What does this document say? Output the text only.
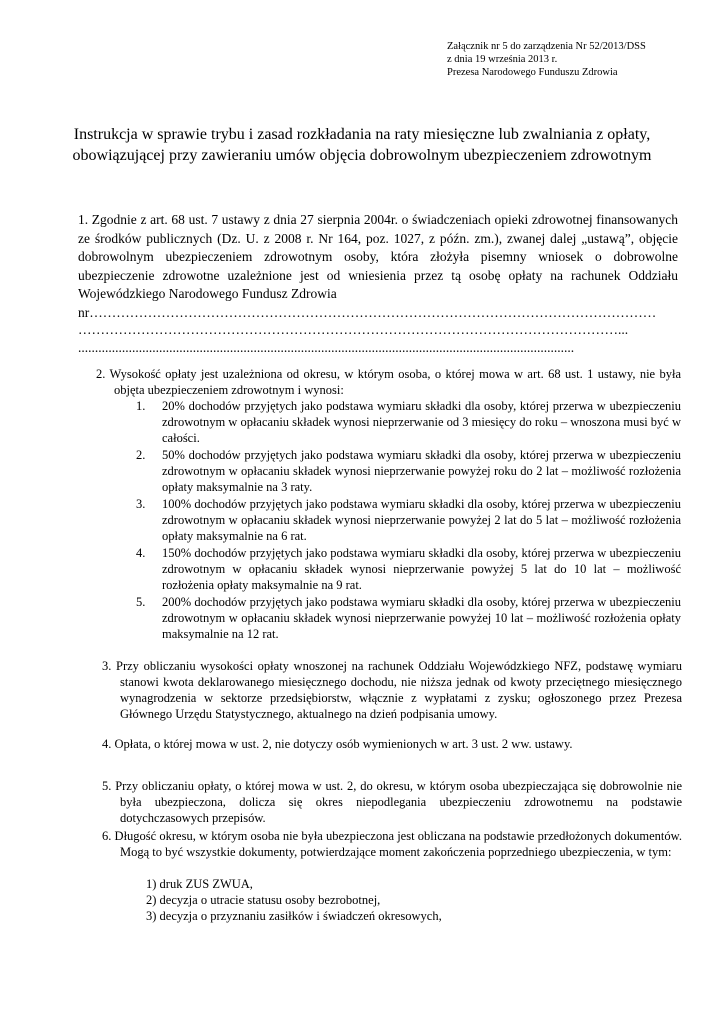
Załącznik nr 5 do zarządzenia Nr 52/2013/DSS
z dnia 19 września 2013 r.
Prezesa Narodowego Funduszu Zdrowia
Instrukcja w sprawie trybu i zasad rozkładania na raty miesięczne lub zwalniania z opłaty, obowiązującej przy zawieraniu umów objęcia dobrowolnym ubezpieczeniem zdrowotnym
1. Zgodnie z art. 68 ust. 7 ustawy z dnia 27 sierpnia 2004r. o świadczeniach opieki zdrowotnej finansowanych ze środków publicznych (Dz. U. z 2008 r. Nr 164, poz. 1027, z późn. zm.), zwanej dalej „ustawą”, objęcie dobrowolnym ubezpieczeniem zdrowotnym osoby, która złożyła pisemny wniosek o dobrowolne ubezpieczenie zdrowotne uzależnione jest od wniesienia przez tą osobę opłaty na rachunek Oddziału Wojewódzkiego Narodowego Fundusz Zdrowia
nr………………………………………………………………………………………………………………
…………………………………………………………………………………………………………...
...................................................................................................................................................
2. Wysokość opłaty jest uzależniona od okresu, w którym osoba, o której mowa w art. 68 ust. 1 ustawy, nie była objęta ubezpieczeniem zdrowotnym i wynosi:
1. 20% dochodów przyjętych jako podstawa wymiaru składki dla osoby, której przerwa w ubezpieczeniu zdrowotnym w opłacaniu składek wynosi nieprzerwanie od 3 miesięcy do roku – wnoszona musi być w całości.
2. 50% dochodów przyjętych jako podstawa wymiaru składki dla osoby, której przerwa w ubezpieczeniu zdrowotnym w opłacaniu składek wynosi nieprzerwanie powyżej roku do 2 lat – możliwość rozłożenia opłaty maksymalnie na 3 raty.
3. 100% dochodów przyjętych jako podstawa wymiaru składki dla osoby, której przerwa w ubezpieczeniu zdrowotnym w opłacaniu składek wynosi nieprzerwanie powyżej 2 lat do 5 lat – możliwość rozłożenia opłaty maksymalnie na 6 rat.
4. 150% dochodów przyjętych jako podstawa wymiaru składki dla osoby, której przerwa w ubezpieczeniu zdrowotnym w opłacaniu składek wynosi nieprzerwanie powyżej 5 lat do 10 lat – możliwość rozłożenia opłaty maksymalnie na 9 rat.
5. 200% dochodów przyjętych jako podstawa wymiaru składki dla osoby, której przerwa w ubezpieczeniu zdrowotnym w opłacaniu składek wynosi nieprzerwanie powyżej 10 lat – możliwość rozłożenia opłaty maksymalnie na 12 rat.
3. Przy obliczaniu wysokości opłaty wnoszonej na rachunek Oddziału Wojewódzkiego NFZ, podstawę wymiaru stanowi kwota deklarowanego miesięcznego dochodu, nie niższa jednak od kwoty przeciętnego miesięcznego wynagrodzenia w sektorze przedsiębiorstw, włącznie z wypłatami z zysku; ogłoszonego przez Prezesa Głównego Urzędu Statystycznego, aktualnego na dzień podpisania umowy.
4. Opłata, o której mowa w ust. 2, nie dotyczy osób wymienionych w art. 3 ust. 2 ww. ustawy.
5. Przy obliczaniu opłaty, o której mowa w ust. 2, do okresu, w którym osoba ubezpieczająca się dobrowolnie nie była ubezpieczona, dolicza się okres niepodlegania ubezpieczeniu zdrowotnemu na podstawie dotychczasowych przepisów.
6. Długość okresu, w którym osoba nie była ubezpieczona jest obliczana na podstawie przedłożonych dokumentów. Mogą to być wszystkie dokumenty, potwierdzające moment zakończenia poprzedniego ubezpieczenia, w tym:
1) druk ZUS ZWUA,
2) decyzja o utracie statusu osoby bezrobotnej,
3) decyzja o przyznaniu zasiłków i świadczeń okresowych,
